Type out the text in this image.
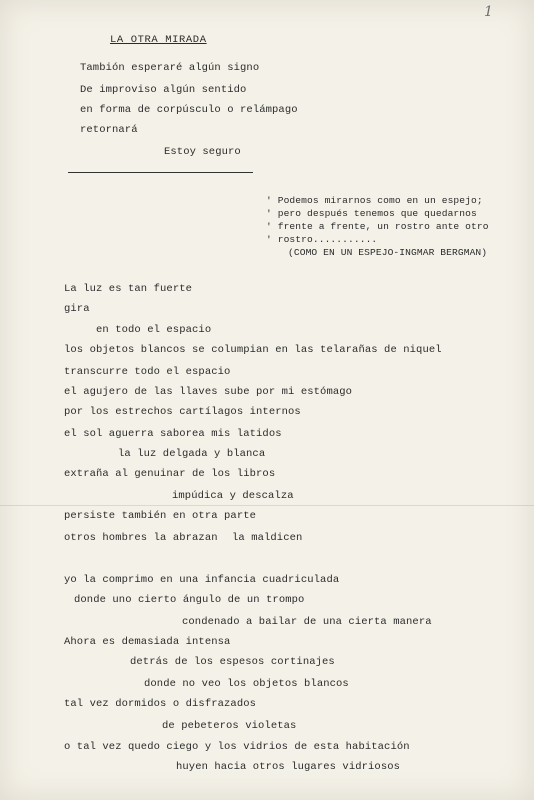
1
LA OTRA MIRADA
Tambión esperaré algún signo
De improviso algún sentido
en forma de corpúsculo o relámpago
retornará
Estoy seguro
' Podemos mirarnos como en un espejo;
' pero después tenemos que quedarnos
' frente a frente, un rostro ante otro
' rostro...........
(COMO EN UN ESPEJO-INGMAR BERGMAN)
La luz es tan fuerte
gira
en todo el espacio
los objetos blancos se columpian en las telarañas de niquel
transcurre todo el espacio
el agujero de las llaves sube por mi estómago
por los estrechos cartílagos internos
el sol aguerra saborea mis latidos
la luz delgada y blanca
extraña al genuinar de los libros
impúdica y descalza
persiste también en otra parte
otros hombres la abrazan la maldicen
yo la comprimo en una infancia cuadriculada
donde uno cierto ángulo de un trompo
condenado a bailar de una cierta manera
Ahora es demasiada intensa
detrás de los espesos cortinajes
donde no veo los objetos blancos
tal vez dormidos o disfrazados
de pebeteros violetas
o tal vez quedo ciego y los vidrios de esta habitación
huyen hacia otros lugares vidriosos
